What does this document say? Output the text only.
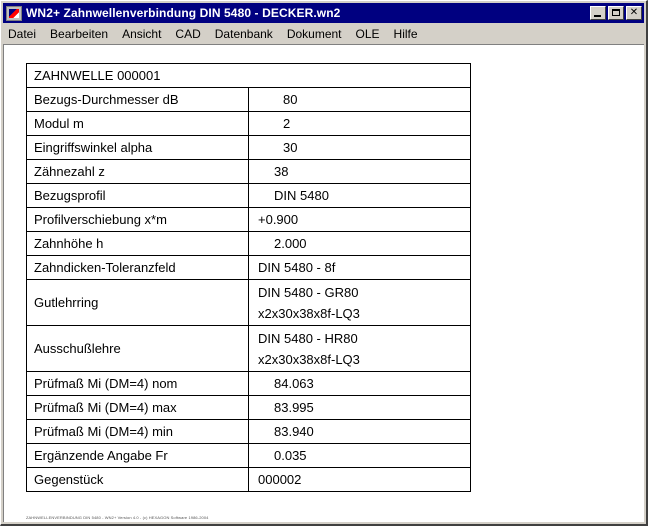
WN2+ Zahnwellenverbindung DIN 5480 - DECKER.wn2	✕
Datei	Bearbeiten	Ansicht	CAD	Datenbank	Dokument	OLE	Hilfe
ZAHNWELLE 000001	
Bezugs-Durchmesser dB	80
Modul m	2
Eingriffswinkel alpha	30
Zähnezahl z	38
Bezugsprofil	DIN 5480
Profilverschiebung x*m	+0.900
Zahnhöhe h	2.000
Zahndicken-Toleranzfeld	DIN 5480 - 8f
Gutlehrring	DIN 5480 - GR80
x2x30x38x8f-LQ3

Ausschußlehre	DIN 5480 - HR80
x2x30x38x8f-LQ3

Prüfmaß Mi (DM=4) nom	84.063
Prüfmaß Mi (DM=4) max	83.995
Prüfmaß Mi (DM=4) min	83.940
Ergänzende Angabe Fr	0.035
Gegenstück	000002
ZAHNWELLENVERBINDUNG DIN 5480 - WN2+ Version 4.0 - (c) HEXAGON Software 1986-2004
